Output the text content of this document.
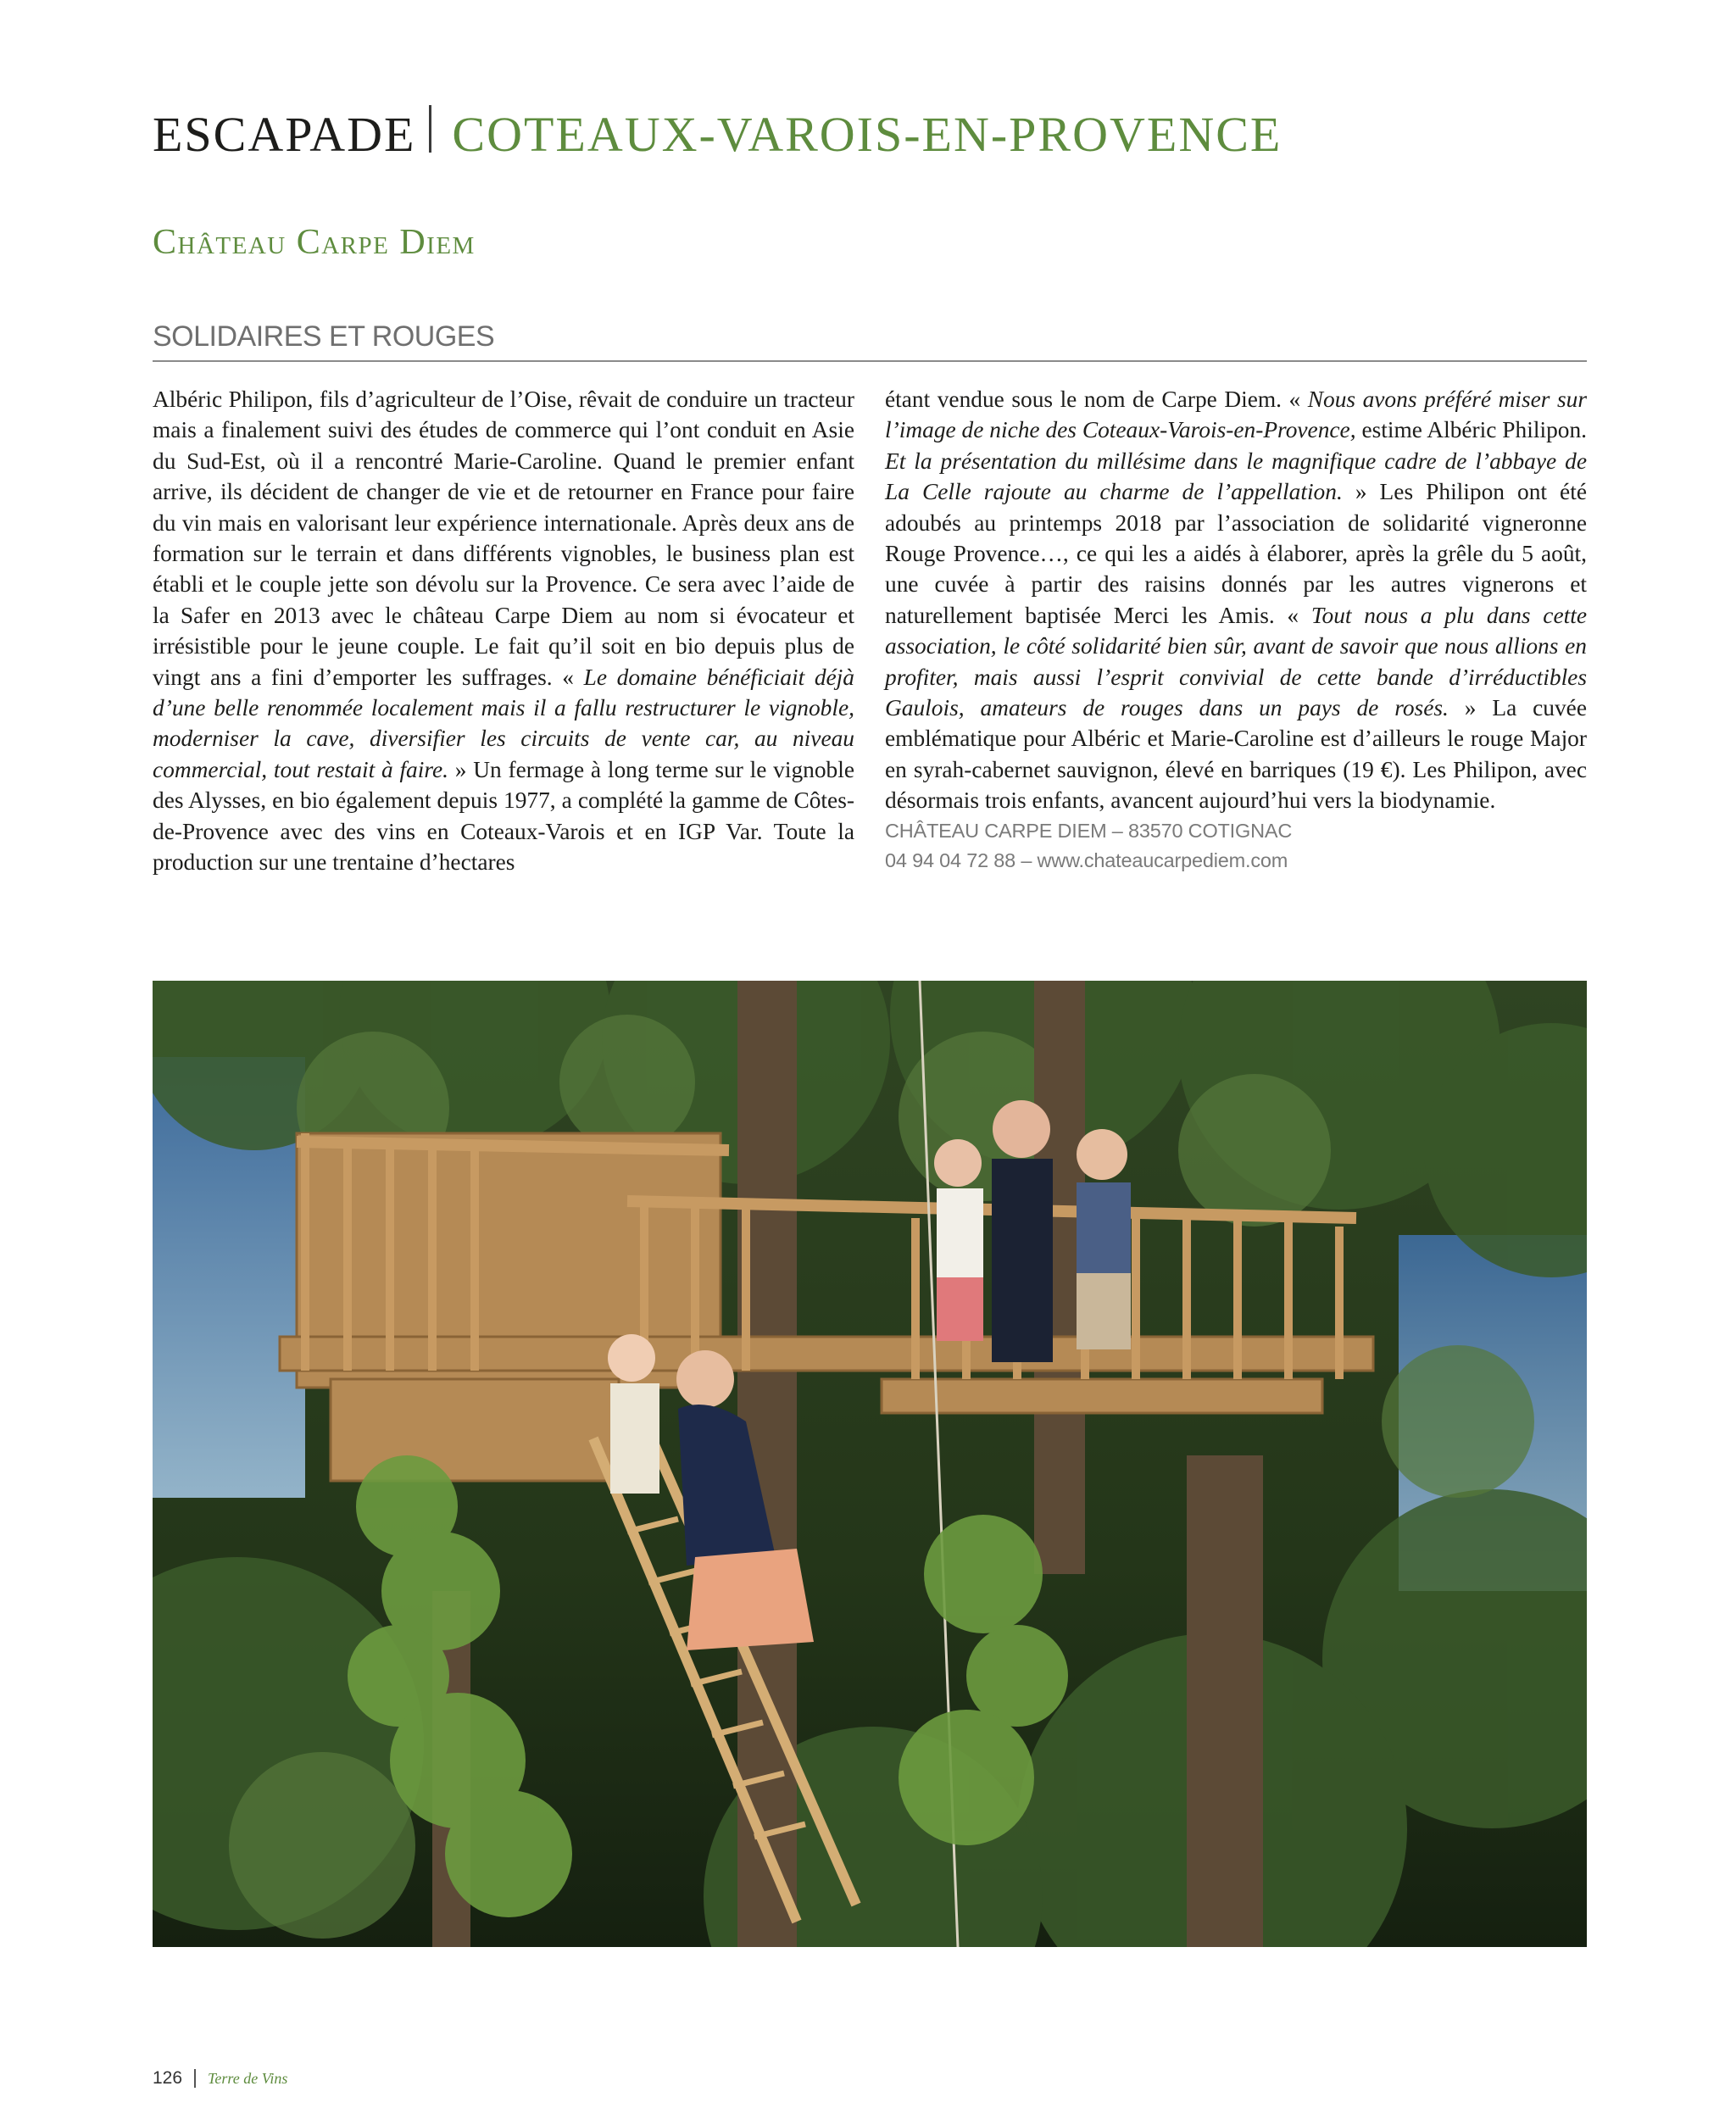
ESCAPADE COTEAUX-VAROIS-EN-PROVENCE
Château Carpe Diem
SOLIDAIRES ET ROUGES

Albéric Philipon, fils d’agriculteur de l’Oise, rêvait de conduire un tracteur mais a finalement suivi des études de commerce qui l’ont conduit en Asie du Sud-Est, où il a rencontré Marie-Caroline. Quand le premier enfant arrive, ils décident de changer de vie et de retourner en France pour faire du vin mais en valorisant leur expérience internationale. Après deux ans de formation sur le terrain et dans différents vignobles, le business plan est établi et le couple jette son dévolu sur la Provence. Ce sera avec l’aide de la Safer en 2013 avec le château Carpe Diem au nom si évocateur et irrésistible pour le jeune couple. Le fait qu’il soit en bio depuis plus de vingt ans a fini d’emporter les suffrages. « Le domaine bénéficiait déjà d’une belle renommée localement mais il a fallu restructurer le vignoble, moderniser la cave, diversifier les circuits de vente car, au niveau commercial, tout restait à faire. » Un fermage à long terme sur le vignoble des Alysses, en bio également depuis 1977, a complété la gamme de Côtes-de-Provence avec des vins en Coteaux-Varois et en IGP Var. Toute la production sur une trentaine d’hectares

étant vendue sous le nom de Carpe Diem. « Nous avons préféré miser sur l’image de niche des Coteaux-Varois-en-Provence, estime Albéric Philipon. Et la présentation du millésime dans le magnifique cadre de l’abbaye de La Celle rajoute au charme de l’appellation. » Les Philipon ont été adoubés au printemps 2018 par l’association de solidarité vigneronne Rouge Provence…, ce qui les a aidés à élaborer, après la grêle du 5 août, une cuvée à partir des raisins donnés par les autres vignerons et naturellement baptisée Merci les Amis. « Tout nous a plu dans cette association, le côté solidarité bien sûr, avant de savoir que nous allions en profiter, mais aussi l’esprit convivial de cette bande d’irréductibles Gaulois, amateurs de rouges dans un pays de rosés. » La cuvée emblématique pour Albéric et Marie-Caroline est d’ailleurs le rouge Major en syrah-cabernet sauvignon, élevé en barriques (19 €). Les Philipon, avec désormais trois enfants, avancent aujourd’hui vers la biodynamie.

CHÂTEAU CARPE DIEM – 83570 COTIGNAC
04 94 04 72 88 – www.chateaucarpediem.com
126 Terre de Vins
